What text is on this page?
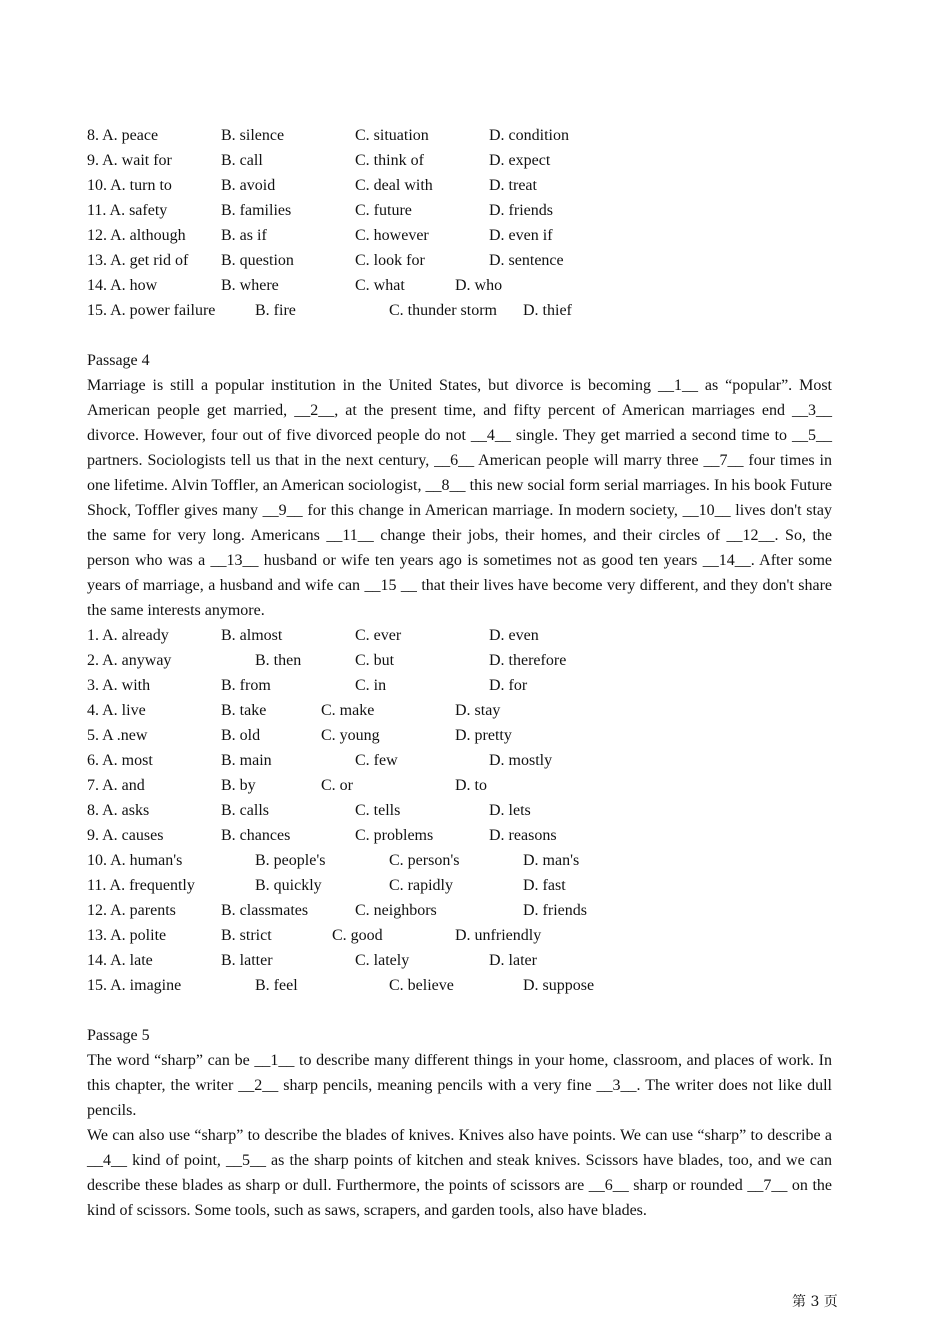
8. A. peace	B. silence	C. situation	D. condition
9. A. wait for	B. call	C. think of	D. expect
10. A. turn to	B. avoid	C. deal with	D. treat
11. A. safety	B. families	C. future	D. friends
12. A. although B. as if	C. however	D. even if
13. A. get rid of B. question	C. look for	D. sentence
14. A. how	B. where	C. what	D. who
15. A. power failure B. fire	C. thunder storm D. thief
Passage 4
Marriage is still a popular institution in the United States, but divorce is becoming __1__ as “popular”. Most American people get married, __2__, at the present time, and fifty percent of American marriages end __3__ divorce. However, four out of five divorced people do not __4__ single. They get married a second time to __5__ partners. Sociologists tell us that in the next century, __6__ American people will marry three __7__ four times in one lifetime. Alvin Toffler, an American sociologist, __8__ this new social form serial marriages. In his book Future Shock, Toffler gives many __9__ for this change in American marriage. In modern society, __10__ lives don't stay the same for very long. Americans __11__ change their jobs, their homes, and their circles of __12__. So, the person who was a __13__ husband or wife ten years ago is sometimes not as good ten years __14__. After some years of marriage, a husband and wife can __15 __ that their lives have become very different, and they don't share the same interests anymore.
1. A. already	B. almost	C. ever	D. even
2. A. anyway	B. then	C. but	D. therefore
3. A. with	B. from	C. in	D. for
4. A. live	B. take	C. make	D. stay
5. A .new	B. old	C. young	D. pretty
6. A. most	B. main	C. few	D. mostly
7. A. and	B. by	C. or	D. to
8. A. asks	B. calls	C. tells	D. lets
9. A. causes	B. chances	C. problems	D. reasons
10. A. human's	B. people's	C. person's	D. man's
11. A. frequently	B. quickly	C. rapidly	D. fast
12. A. parents	B. classmates	C. neighbors	D. friends
13. A. polite	B. strict	C. good	D. unfriendly
14. A. late	B. latter	C. lately	D. later
15. A. imagine	B. feel	C. believe	D. suppose
Passage 5
The word “sharp” can be __1__ to describe many different things in your home, classroom, and places of work. In this chapter, the writer __2__ sharp pencils, meaning pencils with a very fine __3__. The writer does not like dull pencils.
We can also use “sharp” to describe the blades of knives. Knives also have points. We can use “sharp” to describe a __4__ kind of point, __5__ as the sharp points of kitchen and steak knives. Scissors have blades, too, and we can describe these blades as sharp or dull. Furthermore, the points of scissors are __6__ sharp or rounded __7__ on the kind of scissors. Some tools, such as saws, scrapers, and garden tools, also have blades.
第 3 页
